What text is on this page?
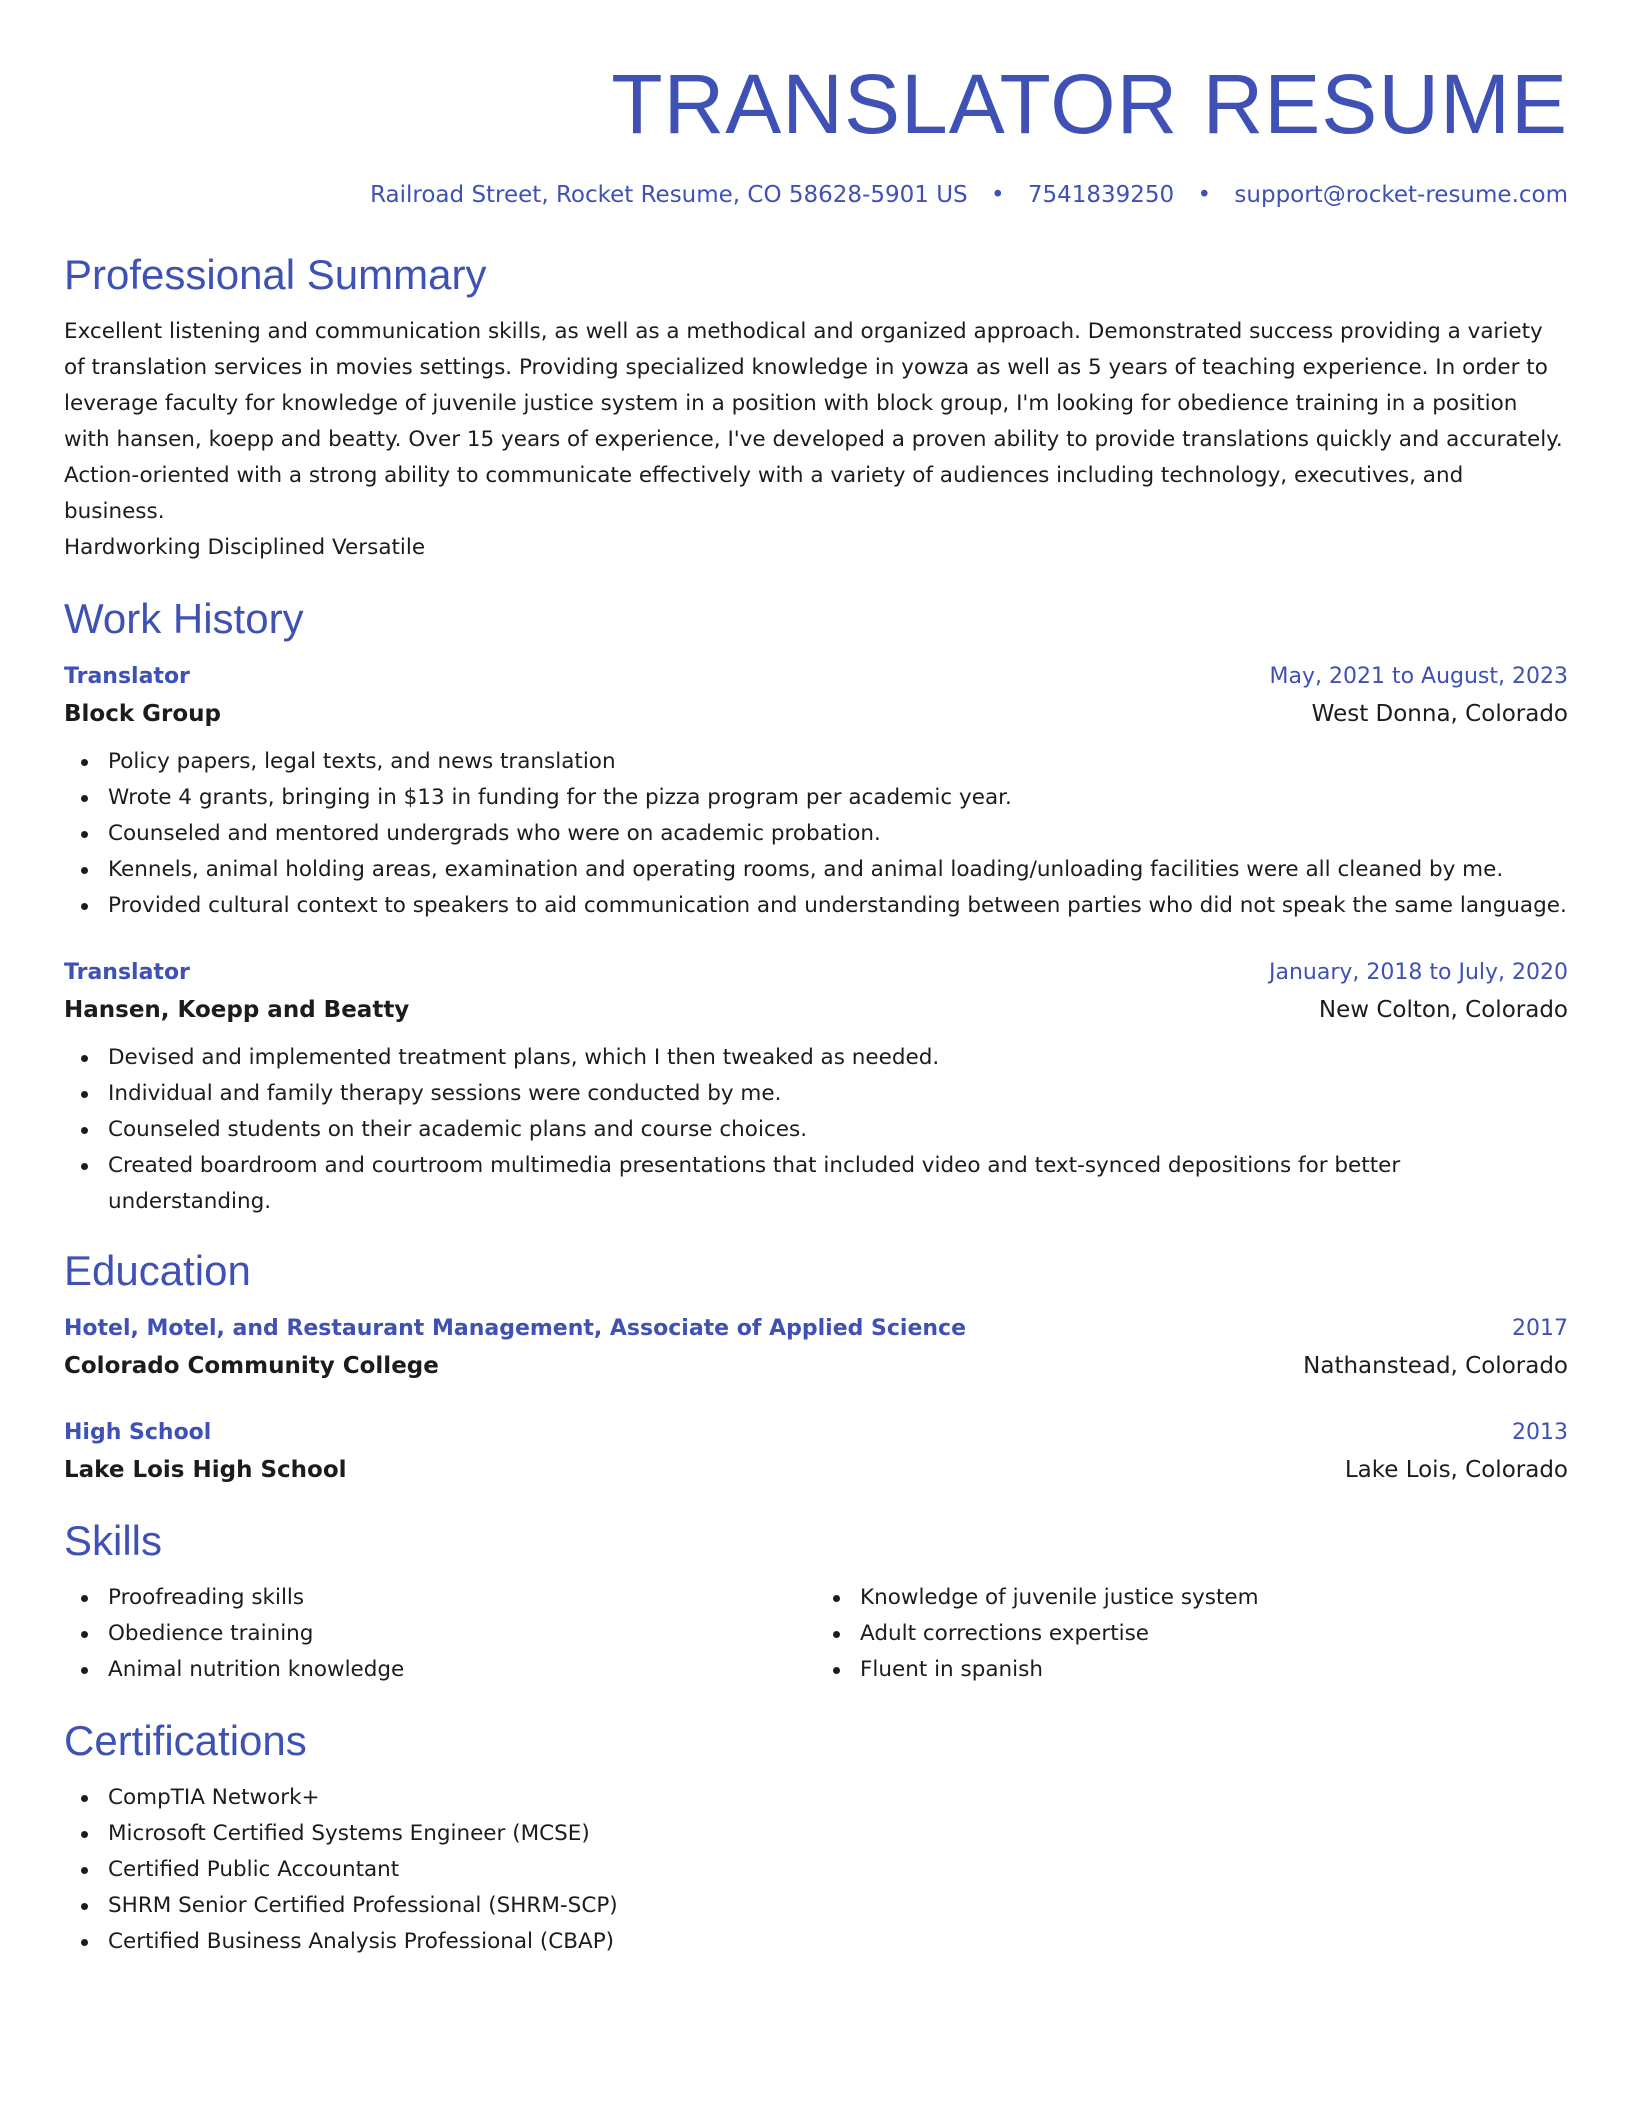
TRANSLATOR RESUME
Railroad Street, Rocket Resume, CO 58628-5901 US • 7541839250 • support@rocket-resume.com
Professional Summary

Excellent listening and communication skills, as well as a methodical and organized approach. Demonstrated success providing a variety of translation services in movies settings. Providing specialized knowledge in yowza as well as 5 years of teaching experience. In order to leverage faculty for knowledge of juvenile justice system in a position with block group, I'm looking for obedience training in a position with hansen, koepp and beatty. Over 15 years of experience, I've developed a proven ability to provide translations quickly and accurately. Action-oriented with a strong ability to communicate effectively with a variety of audiences including technology, executives, and business.
Hardworking Disciplined Versatile

Work History
Translator	May, 2021 to August, 2023
Block Group	West Donna, Colorado
Policy papers, legal texts, and news translation
Wrote 4 grants, bringing in $13 in funding for the pizza program per academic year.
Counseled and mentored undergrads who were on academic probation.
Kennels, animal holding areas, examination and operating rooms, and animal loading/unloading facilities were all cleaned by me.
Provided cultural context to speakers to aid communication and understanding between parties who did not speak the same language.
Translator	January, 2018 to July, 2020
Hansen, Koepp and Beatty	New Colton, Colorado
Devised and implemented treatment plans, which I then tweaked as needed.
Individual and family therapy sessions were conducted by me.
Counseled students on their academic plans and course choices.
Created boardroom and courtroom multimedia presentations that included video and text-synced depositions for better understanding.
Education
Hotel, Motel, and Restaurant Management, Associate of Applied Science	2017
Colorado Community College	Nathanstead, Colorado
High School	2013
Lake Lois High School	Lake Lois, Colorado
Skills
Proofreading skills
Obedience training
Animal nutrition knowledge
Knowledge of juvenile justice system
Adult corrections expertise
Fluent in spanish
Certifications
CompTIA Network+
Microsoft Certified Systems Engineer (MCSE)
Certified Public Accountant
SHRM Senior Certified Professional (SHRM-SCP)
Certified Business Analysis Professional (CBAP)
